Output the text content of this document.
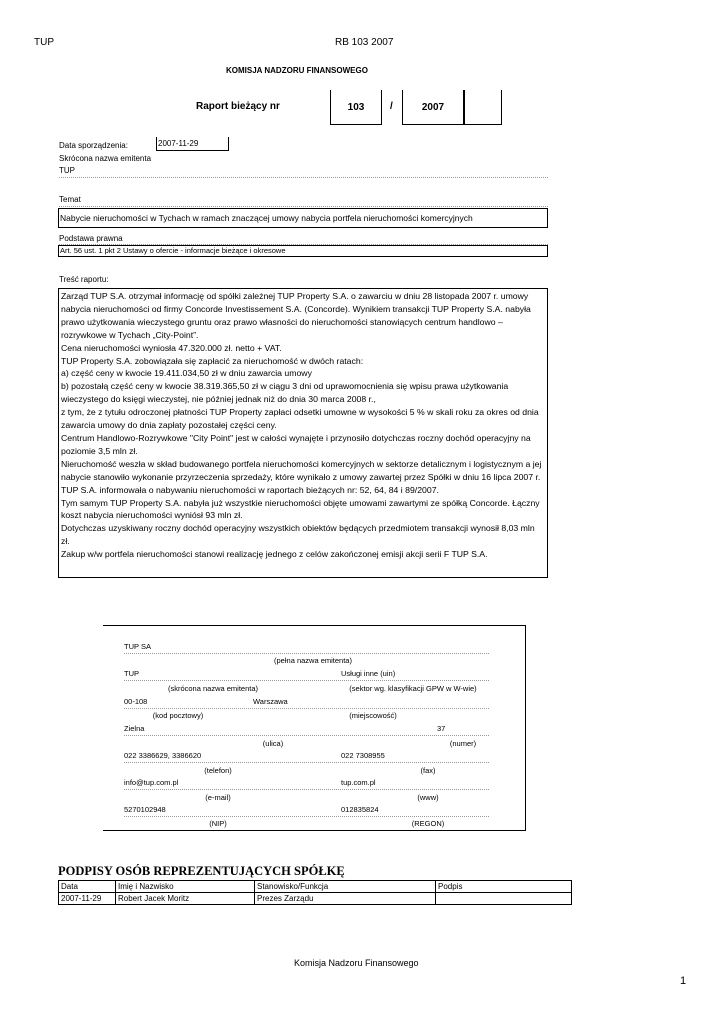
TUP	RB 103 2007
KOMISJA NADZORU FINANSOWEGO
Raport bieżący nr	103	/	2007
Data sporządzenia:	2007-11-29
Skrócona nazwa emitenta
TUP
Temat
Nabycie nieruchomości w Tychach w ramach znaczącej umowy nabycia portfela nieruchomości komercyjnych
Podstawa prawna
Art. 56 ust. 1 pkt 2 Ustawy o ofercie - informacje bieżące i okresowe
Treść raportu:

Zarząd TUP S.A. otrzymał informację od spółki zależnej TUP Property S.A. o zawarciu w dniu 28 listopada 2007 r. umowy nabycia nieruchomości od firmy Concorde Investissement S.A. (Concorde). Wynikiem transakcji TUP Property S.A. nabyła prawo użytkowania wieczystego gruntu oraz prawo własności do nieruchomości stanowiących centrum handlowo – rozrywkowe w Tychach „City-Point”.

Cena nieruchomości wyniosła 47.320.000 zł. netto + VAT.

TUP Property S.A. zobowiązała się zapłacić za nieruchomość w dwóch ratach:

a) część ceny w kwocie 19.411.034,50 zł w dniu zawarcia umowy

b) pozostałą część ceny w kwocie 38.319.365,50 zł w ciągu 3 dni od uprawomocnienia się wpisu prawa użytkowania wieczystego do księgi wieczystej, nie później jednak niż do dnia 30 marca 2008 r.,

z tym, że z tytułu odroczonej płatności TUP Property zapłaci odsetki umowne w wysokości 5 % w skali roku za okres od dnia zawarcia umowy do dnia zapłaty pozostałej części ceny.

Centrum Handlowo-Rozrywkowe "City Point" jest w całości wynajęte i przynosiło dotychczas roczny dochód operacyjny na poziomie 3,5 mln zł.

Nieruchomość weszła w skład budowanego portfela nieruchomości komercyjnych w sektorze detalicznym i logistycznym a jej nabycie stanowiło wykonanie przyrzeczenia sprzedaży, które wynikało z umowy zawartej przez Spółki w dniu 16 lipca 2007 r. TUP S.A. informowała o nabywaniu nieruchomości w raportach bieżących nr: 52, 64, 84 i 89/2007.

Tym samym TUP Property S.A. nabyła już wszystkie nieruchomości objęte umowami zawartymi ze spółką Concorde. Łączny koszt nabycia nieruchomości wyniósł 93 mln zł.

Dotychczas uzyskiwany roczny dochód operacyjny wszystkich obiektów będących przedmiotem transakcji wynosił 8,03 mln zł.

Zakup w/w portfela nieruchomości stanowi realizację jednego z celów zakończonej emisji akcji serii F TUP S.A.

TUP SA
(pełna nazwa emitenta)
TUP	Usługi inne (uin)
(skrócona nazwa emitenta)	(sektor wg. klasyfikacji GPW w W-wie)
00-108	Warszawa
(kod pocztowy)	(miejscowość)
Zielna	37
(ulica)	(numer)
022 3386629, 3386620	022 7308955
(telefon)	(fax)
info@tup.com.pl	tup.com.pl
(e-mail)	(www)
5270102948	012835824
(NIP)	(REGON)
PODPISY OSÓB REPREZENTUJĄCYCH SPÓŁKĘ
Data	Imię i Nazwisko	Stanowisko/Funkcja	Podpis
2007-11-29	Robert Jacek Moritz	Prezes Zarządu	
Komisja Nadzoru Finansowego
1
